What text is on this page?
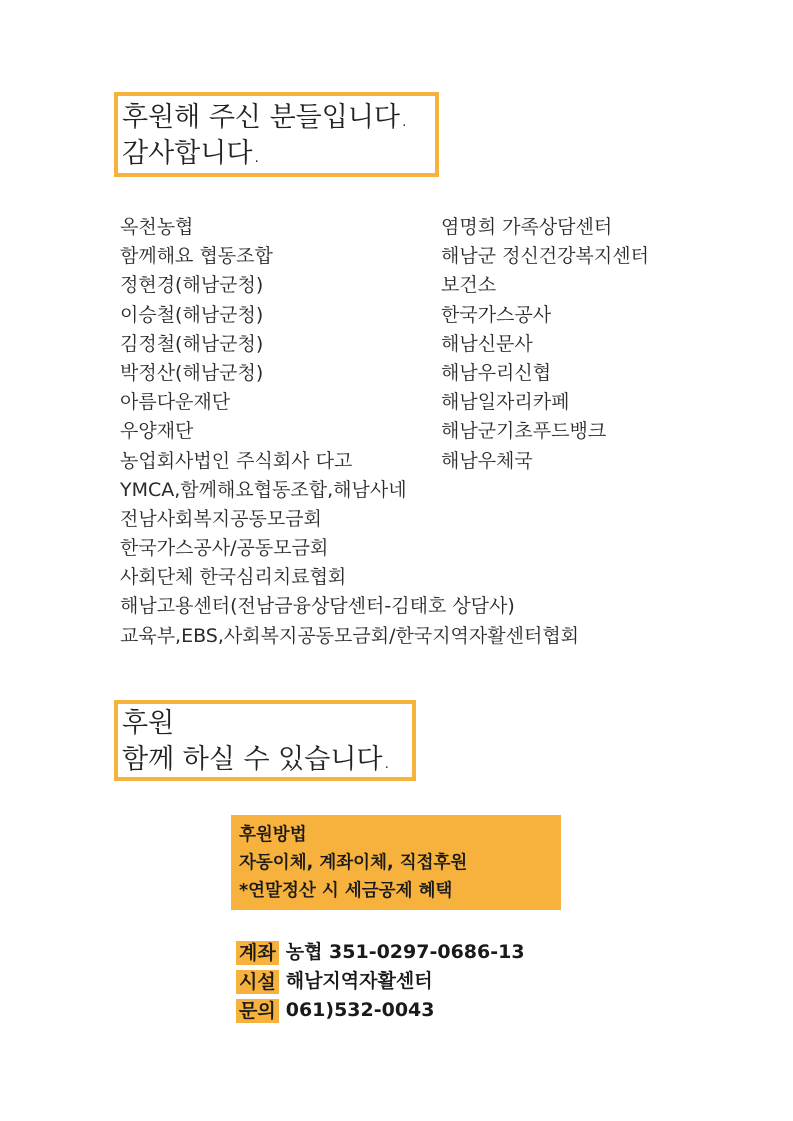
후원해 주신 분들입니다.
감사합니다.
옥천농협
함께해요 협동조합
정현경(해남군청)
이승철(해남군청)
김정철(해남군청)
박정산(해남군청)
아름다운재단
우양재단
농업회사법인 주식회사 다고
YMCA,함께해요협동조합,해남사네
전남사회복지공동모금회
한국가스공사/공동모금회
사회단체 한국심리치료협회
해남고용센터(전남금융상담센터-김태호 상담사)
교육부,EBS,사회복지공동모금회/한국지역자활센터협회
염명희 가족상담센터
해남군 정신건강복지센터
보건소
한국가스공사
해남신문사
해남우리신협
해남일자리카페
해남군기초푸드뱅크
해남우체국
후원
함께 하실 수 있습니다.
후원방법
자동이체, 계좌이체, 직접후원
*연말정산 시 세금공제 혜택
계좌 농협 351-0297-0686-13
시설 해남지역자활센터
문의 061)532-0043
